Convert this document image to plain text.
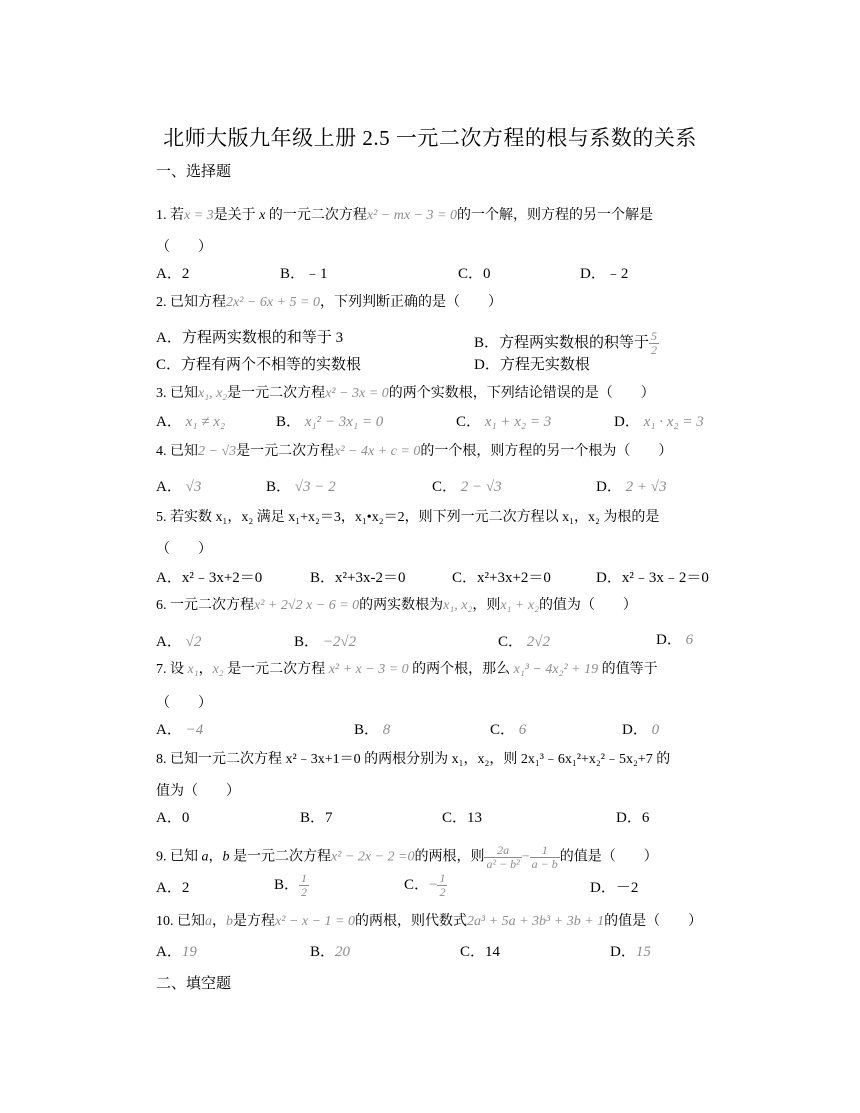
北师大版九年级上册 2.5 一元二次方程的根与系数的关系
一、选择题
1. 若x = 3是关于 x 的一元二次方程x² − mx − 3 = 0的一个解，则方程的另一个解是
（　　）
A．2	B．﹣1	C．0	D．﹣2
2. 已知方程2x² − 6x + 5 = 0，下列判断正确的是（　　）
A．方程两实数根的和等于 3	B．方程两实数根的积等于 $\frac{5}{2}$
C．方程有两个不相等的实数根	D．方程无实数根
3. 已知x₁, x₂是一元二次方程x² − 3x = 0的两个实数根，下列结论错误的是（　　）
A． x₁ ≠ x₂	B． x₁² − 3x₁ = 0	C． x₁ + x₂ = 3	D． x₁ · x₂ = 3
4. 已知2 − √3是一元二次方程x² − 4x + c = 0的一个根，则方程的另一个根为（　　）
A． √3	B． √3 − 2	C． 2 − √3	D． 2 + √3
5. 若实数 x₁，x₂ 满足 x₁+x₂＝3，x₁•x₂＝2，则下列一元二次方程以 x₁，x₂ 为根的是
（　　）
A．x²﹣3x+2＝0	B．x²+3x-2＝0	C．x²+3x+2＝0	D．x²﹣3x﹣2＝0
6. 一元二次方程x² + 2√2 x − 6 = 0的两实数根为x₁, x₂，则x₁ + x₂的值为（　　）
A． √2	B． −2√2	C． 2√2	D． 6
7. 设 x₁，x₂ 是一元二次方程 x² + x − 3 = 0 的两个根，那么 x₁³ − 4x₂² + 19 的值等于
（　　）
A． −4	B． 8	C． 6	D． 0
8. 已知一元二次方程 x²﹣3x+1＝0 的两根分别为 x₁，x₂，则 2x₁³﹣6x₁²+x₂²﹣5x₂+7 的
值为（　　）
A．0	B．7	C．13	D．6
9. 已知 a，b 是一元二次方程x² − 2x − 2 =0的两根，则 $\frac{2a}{\text{a² − b²}} - \frac{1}{a - b}$ 的值是（　　）
A．2	B． $\frac{1}{2}$	C．− $\frac{1}{2}$	D．－2
10. 已知a，b是方程x² − x − 1 = 0的两根，则代数式2a³ + 5a + 3b³ + 3b + 1的值是（　　）
A．19	B．20	C．14	D．15
二、填空题
